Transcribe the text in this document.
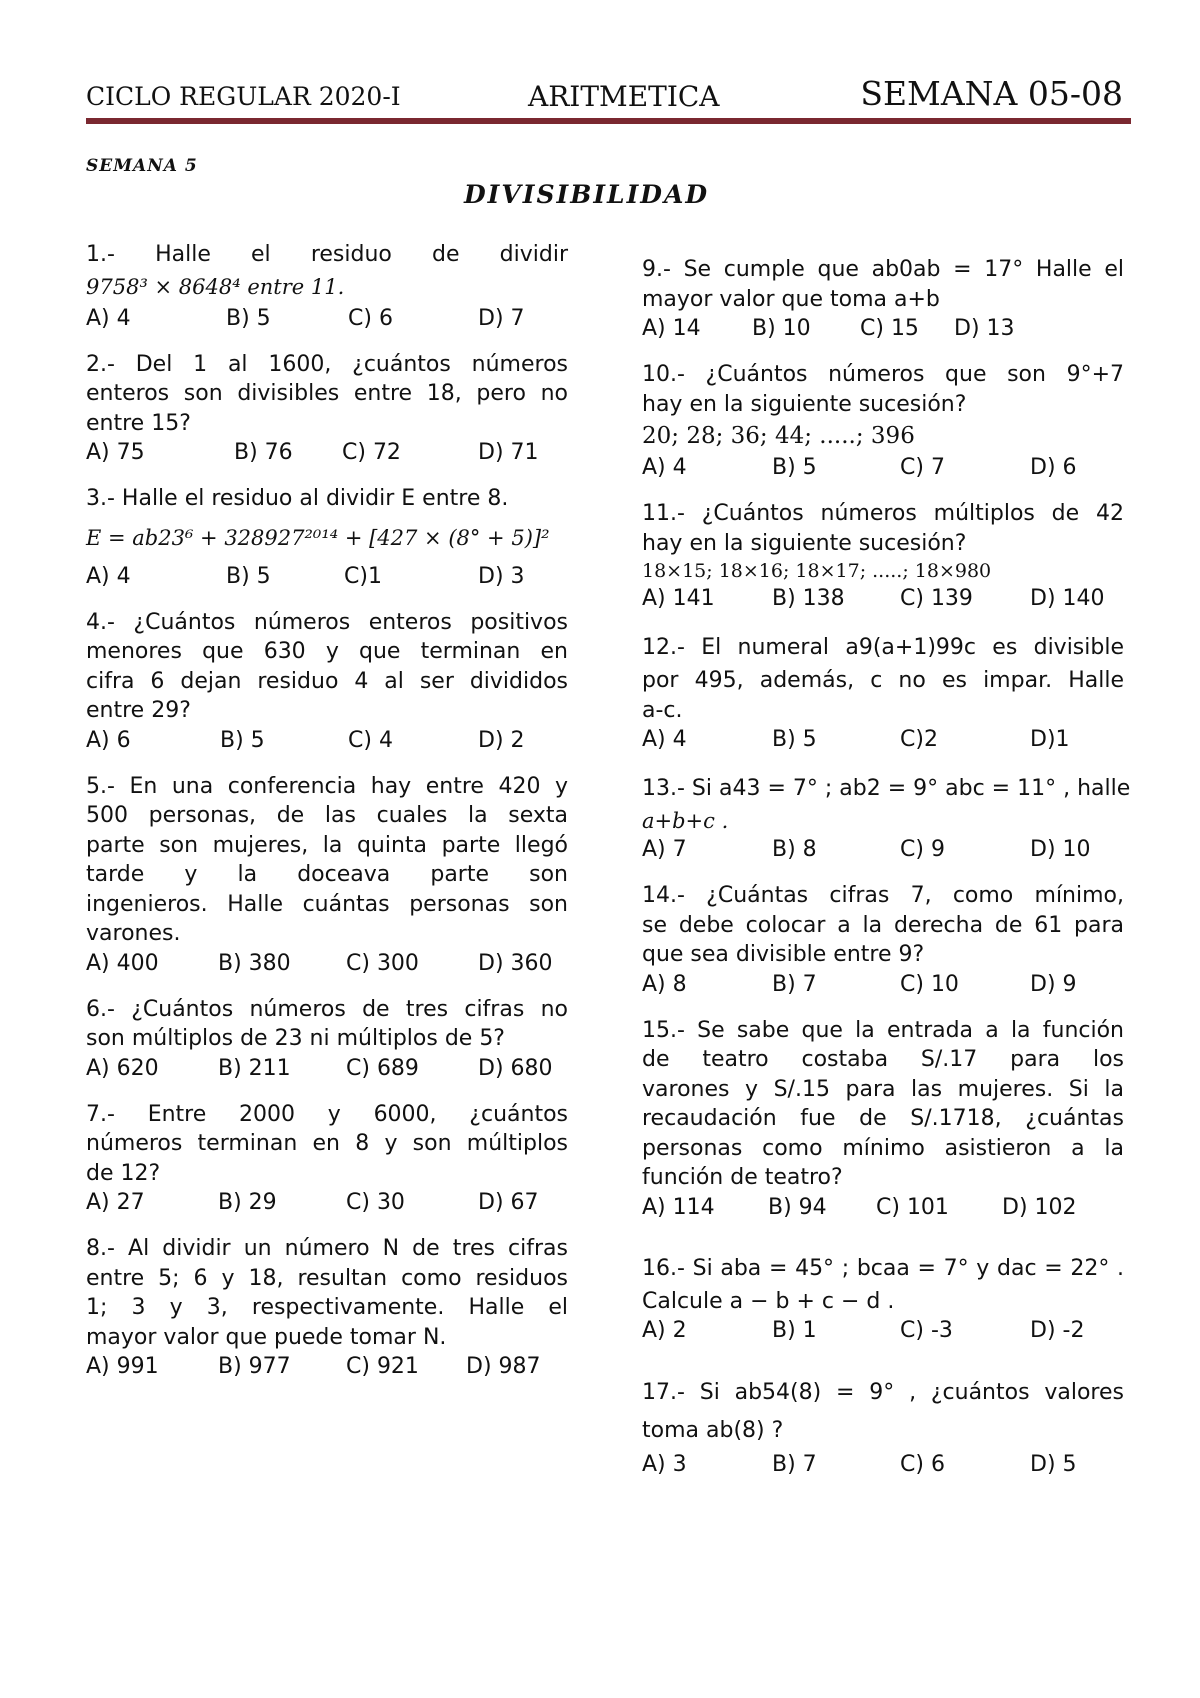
CICLO REGULAR 2020-I	ARITMETICA	SEMANA 05-08
SEMANA 5
DIVISIBILIDAD
1.- Halle el residuo de dividir
9758³ × 8648⁴ entre 11.
A) 4	B) 5	C) 6	D) 7
2.- Del 1 al 1600, ¿cuántos números
enteros son divisibles entre 18, pero no
entre 15?
A) 75	B) 76	C) 72	D) 71
3.- Halle el residuo al dividir E entre 8.
E = ab23⁶ + 328927²⁰¹⁴ + [427 × (8° + 5)]²
A) 4	B) 5	C)1	D) 3
4.- ¿Cuántos números enteros positivos
menores que 630 y que terminan en
cifra 6 dejan residuo 4 al ser divididos
entre 29?
A) 6	B) 5	C) 4	D) 2
5.- En una conferencia hay entre 420 y
500 personas, de las cuales la sexta
parte son mujeres, la quinta parte llegó
tarde y la doceava parte son
ingenieros. Halle cuántas personas son
varones.
A) 400	B) 380	C) 300	D) 360
6.- ¿Cuántos números de tres cifras no
son múltiplos de 23 ni múltiplos de 5?
A) 620	B) 211	C) 689	D) 680
7.- Entre 2000 y 6000, ¿cuántos
números terminan en 8 y son múltiplos
de 12?
A) 27	B) 29	C) 30	D) 67
8.- Al dividir un número N de tres cifras
entre 5; 6 y 18, resultan como residuos
1; 3 y 3, respectivamente. Halle el
mayor valor que puede tomar N.
A) 991	B) 977	C) 921	D) 987
9.- Se cumple que ab0ab = 17° Halle el
mayor valor que toma a+b
A) 14	B) 10	C) 15	D) 13
10.- ¿Cuántos números que son 9°+7
hay en la siguiente sucesión?
20; 28; 36; 44; .....; 396
A) 4	B) 5	C) 7	D) 6
11.- ¿Cuántos números múltiplos de 42
hay en la siguiente sucesión?
18×15; 18×16; 18×17; .....; 18×980
A) 141	B) 138	C) 139	D) 140
12.- El numeral a9(a+1)99c es divisible
por 495, además, c no es impar. Halle
a-c.
A) 4	B) 5	C)2	D)1
13.- Si a43 = 7° ; ab2 = 9° abc = 11° , halle
a+b+c .
A) 7	B) 8	C) 9	D) 10
14.- ¿Cuántas cifras 7, como mínimo,
se debe colocar a la derecha de 61 para
que sea divisible entre 9?
A) 8	B) 7	C) 10	D) 9
15.- Se sabe que la entrada a la función
de teatro costaba S/.17 para los
varones y S/.15 para las mujeres. Si la
recaudación fue de S/.1718, ¿cuántas
personas como mínimo asistieron a la
función de teatro?
A) 114	B) 94	C) 101	D) 102
16.- Si aba = 45° ; bcaa = 7° y dac = 22° .
Calcule a − b + c − d .
A) 2	B) 1	C) -3	D) -2
17.- Si ab54(8) = 9° , ¿cuántos valores
toma ab(8) ?
A) 3	B) 7	C) 6	D) 5
